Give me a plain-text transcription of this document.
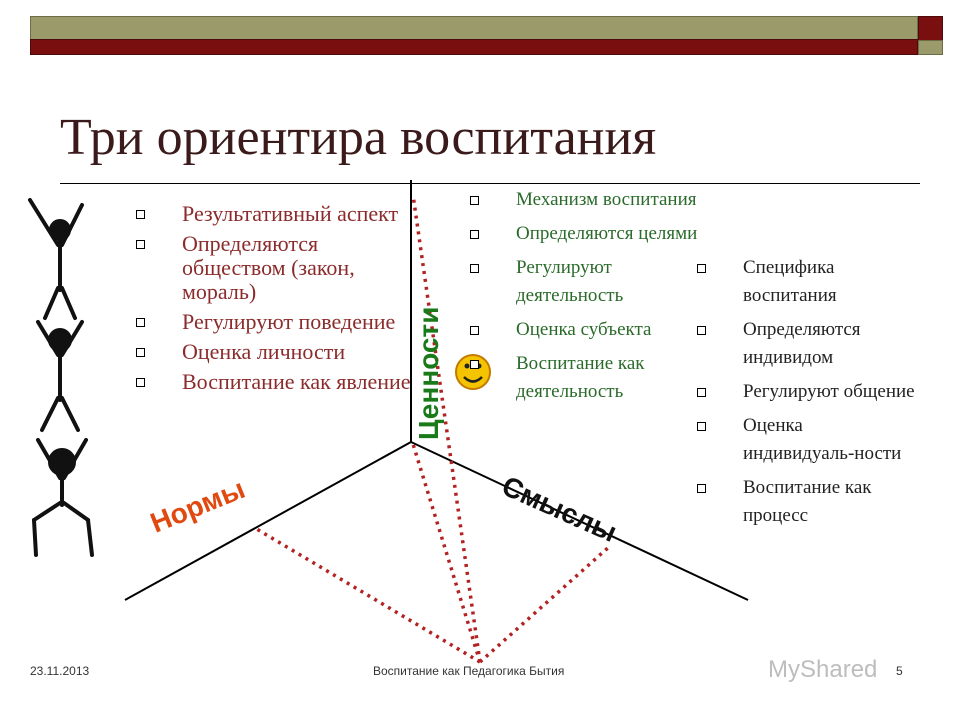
Три ориентира воспитания
Результативный аспект
Определяются обществом (закон, мораль)
Регулируют поведение
Оценка личности
Воспитание как явление
Механизм воспитания
Определяются целями
Регулируют деятельность
Оценка субъекта
Воспитание как деятельность
Специфика воспитания
Определяются индивидом
Регулируют общение
Оценка индивидуаль-ности
Воспитание как процесс
Нормы
Ценности
Смыслы
23.11.2013	Воспитание как Педагогика Бытия	5
MyShared
